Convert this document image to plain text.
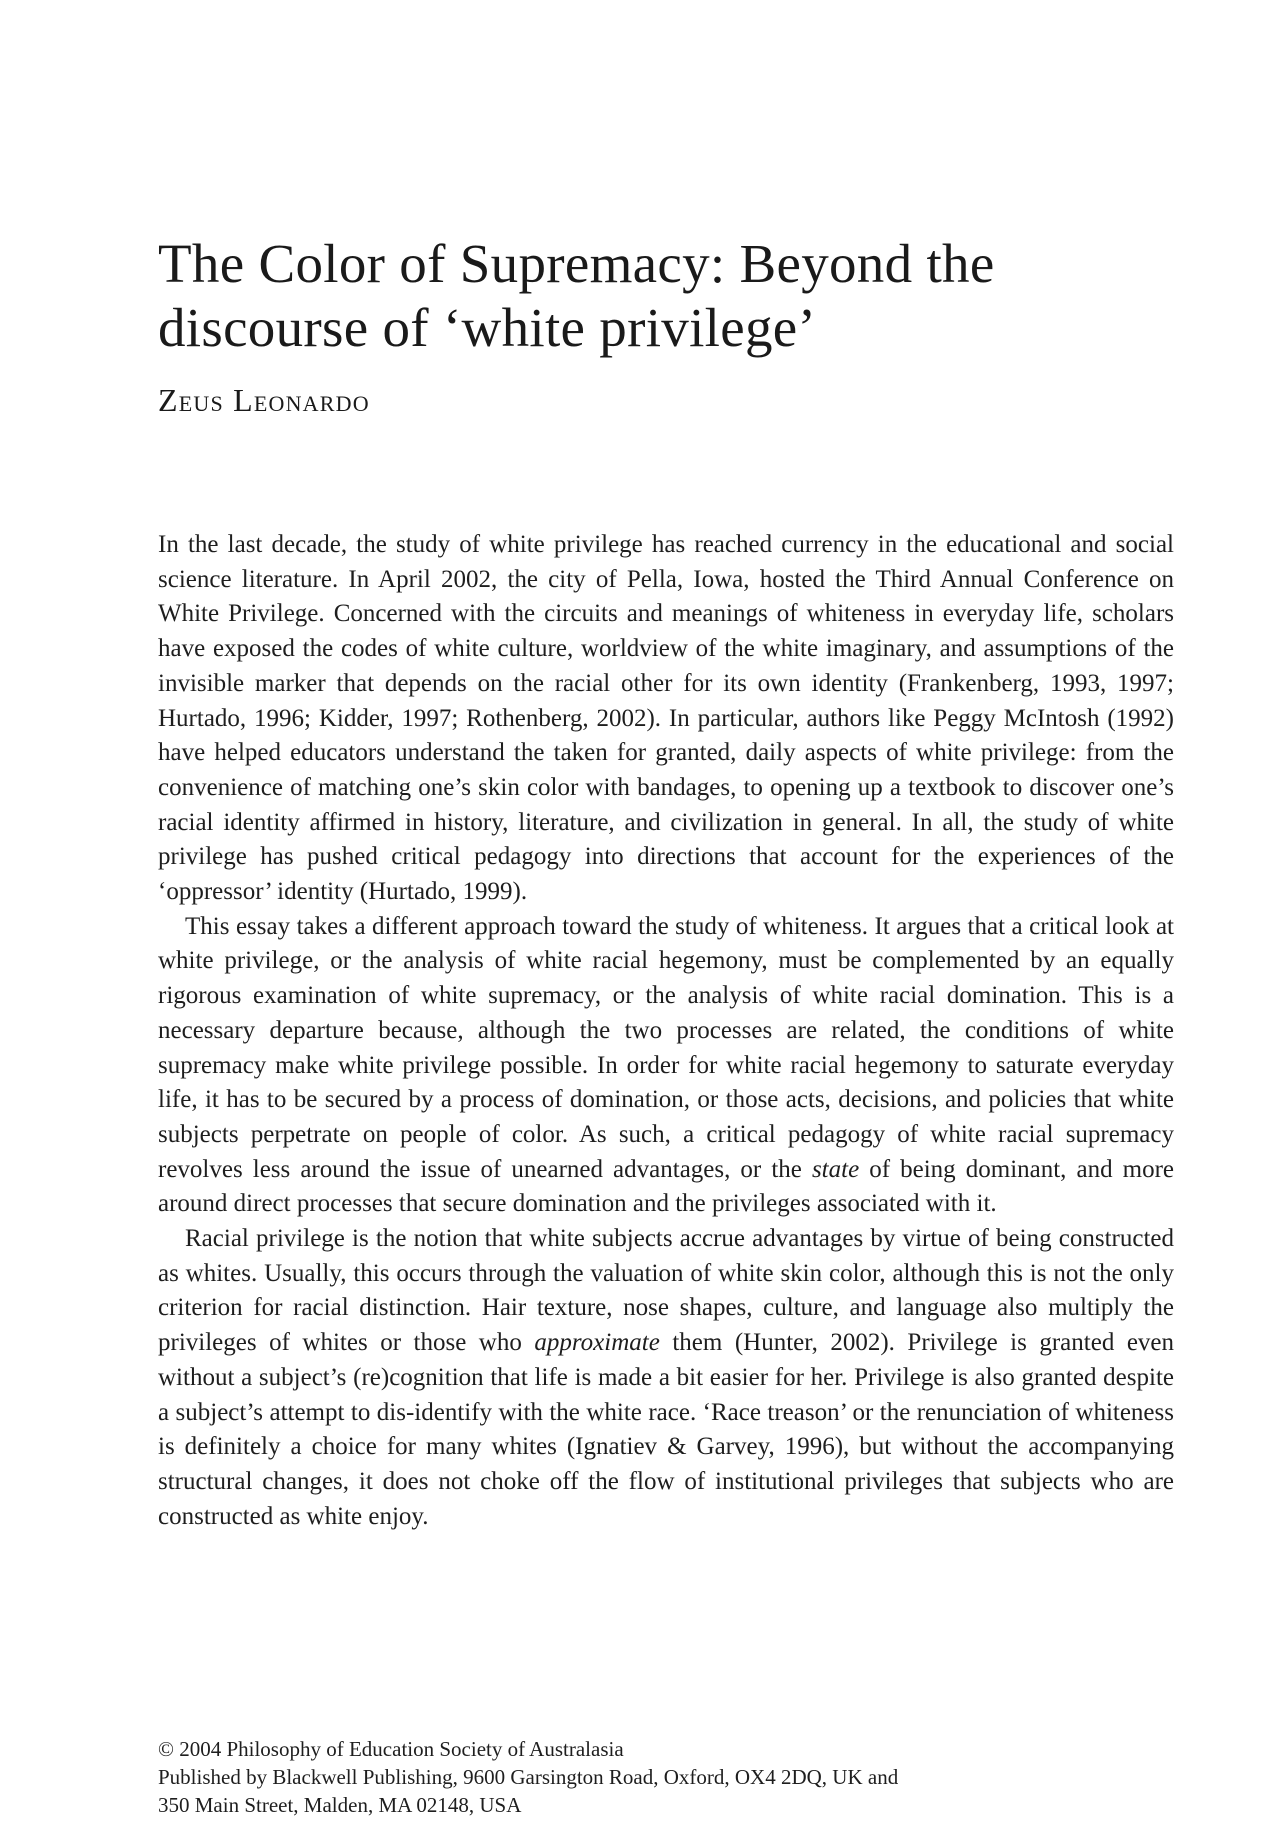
The Color of Supremacy: Beyond the
discourse of ‘white privilege’
Zeus Leonardo

In the last decade, the study of white privilege has reached currency in the educational and social science literature. In April 2002, the city of Pella, Iowa, hosted the Third Annual Conference on White Privilege. Concerned with the circuits and meanings of whiteness in everyday life, scholars have exposed the codes of white culture, worldview of the white imaginary, and assumptions of the invisible marker that depends on the racial other for its own identity (Frankenberg, 1993, 1997; Hurtado, 1996; Kidder, 1997; Rothenberg, 2002). In particular, authors like Peggy McIntosh (1992) have helped educators understand the taken for granted, daily aspects of white privilege: from the convenience of matching one’s skin color with bandages, to opening up a textbook to discover one’s racial identity affirmed in history, literature, and civilization in general. In all, the study of white privilege has pushed critical pedagogy into directions that account for the experiences of the ‘oppressor’ identity (Hurtado, 1999).

This essay takes a different approach toward the study of whiteness. It argues that a critical look at white privilege, or the analysis of white racial hegemony, must be complemented by an equally rigorous examination of white supremacy, or the analysis of white racial domination. This is a necessary departure because, although the two processes are related, the conditions of white supremacy make white privilege possible. In order for white racial hegemony to saturate everyday life, it has to be secured by a process of domination, or those acts, decisions, and policies that white subjects perpetrate on people of color. As such, a critical pedagogy of white racial supremacy revolves less around the issue of unearned advantages, or the state of being dominant, and more around direct processes that secure domination and the privileges associated with it.

Racial privilege is the notion that white subjects accrue advantages by virtue of being constructed as whites. Usually, this occurs through the valuation of white skin color, although this is not the only criterion for racial distinction. Hair texture, nose shapes, culture, and language also multiply the privileges of whites or those who approximate them (Hunter, 2002). Privilege is granted even without a subject’s (re)cognition that life is made a bit easier for her. Privilege is also granted despite a subject’s attempt to dis-identify with the white race. ‘Race treason’ or the renunciation of whiteness is definitely a choice for many whites (Ignatiev & Garvey, 1996), but without the accompanying structural changes, it does not choke off the flow of institutional privileges that subjects who are constructed as white enjoy.

© 2004 Philosophy of Education Society of Australasia
Published by Blackwell Publishing, 9600 Garsington Road, Oxford, OX4 2DQ, UK and
350 Main Street, Malden, MA 02148, USA
